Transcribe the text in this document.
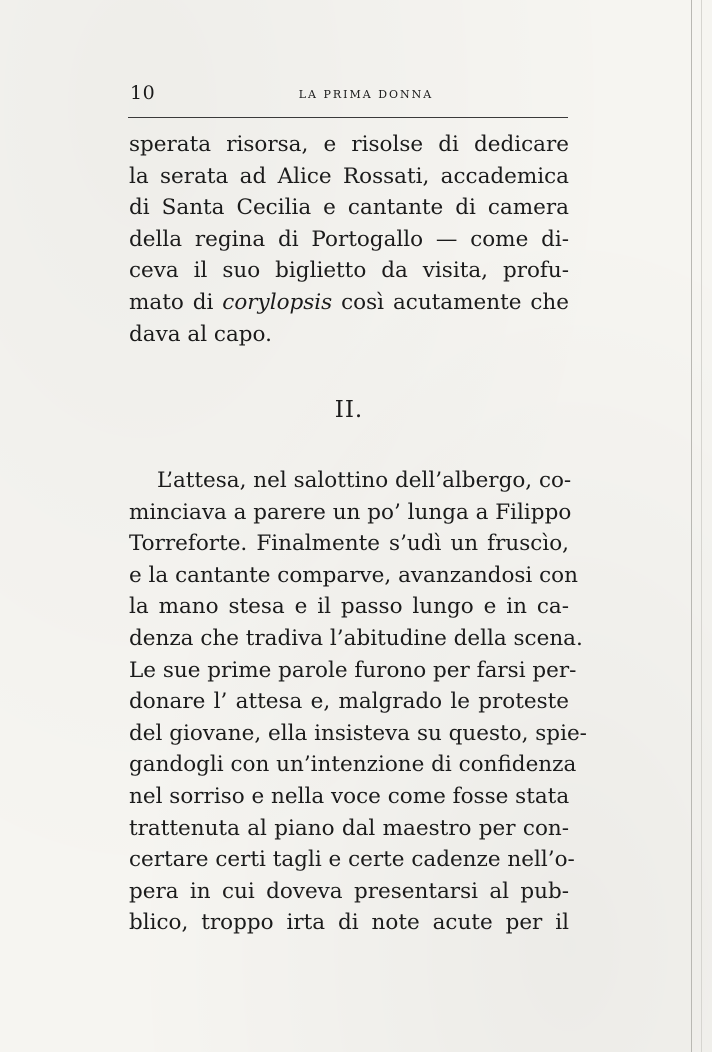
10	LA PRIMA DONNA
sperata risorsa, e risolse di dedicare
la serata ad Alice Rossati, accademica
di Santa Cecilia e cantante di camera
della regina di Portogallo — come di-
ceva il suo biglietto da visita, profu-
mato di corylopsis così acutamente che
dava al capo.
II.
L’attesa, nel salottino dell’albergo, co-
minciava a parere un po’ lunga a Filippo
Torreforte. Finalmente s’udì un fruscìo,
e la cantante comparve, avanzandosi con
la mano stesa e il passo lungo e in ca-
denza che tradiva l’abitudine della scena.
Le sue prime parole furono per farsi per-
donare l’ attesa e, malgrado le proteste
del giovane, ella insisteva su questo, spie-
gandogli con un’intenzione di confidenza
nel sorriso e nella voce come fosse stata
trattenuta al piano dal maestro per con-
certare certi tagli e certe cadenze nell’o-
pera in cui doveva presentarsi al pub-
blico, troppo irta di note acute per il
